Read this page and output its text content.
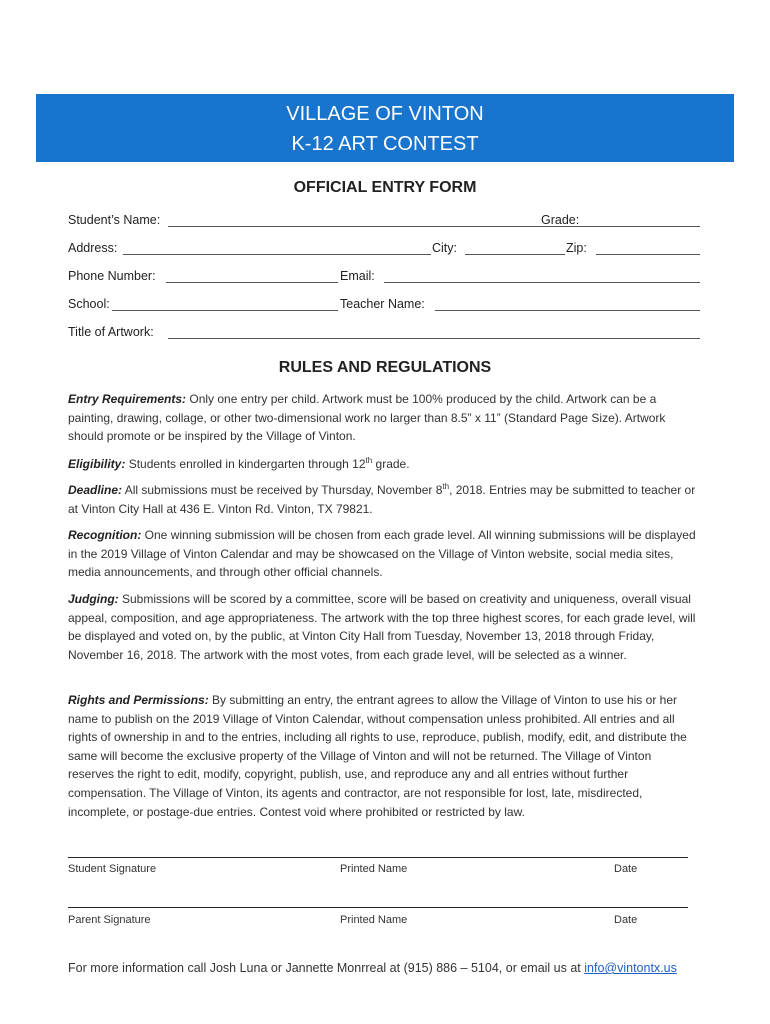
VILLAGE OF VINTON
K-12 ART CONTEST
OFFICIAL ENTRY FORM
Student’s Name:	Grade:
Address:	City:	Zip:
Phone Number:	Email:
School:	Teacher Name:
Title of Artwork:
RULES AND REGULATIONS
Entry Requirements: Only one entry per child. Artwork must be 100% produced by the child. Artwork can be a painting, drawing, collage, or other two-dimensional work no larger than 8.5” x 11” (Standard Page Size). Artwork should promote or be inspired by the Village of Vinton.
Eligibility: Students enrolled in kindergarten through 12th grade.
Deadline: All submissions must be received by Thursday, November 8th, 2018. Entries may be submitted to teacher or at Vinton City Hall at 436 E. Vinton Rd. Vinton, TX 79821.
Recognition: One winning submission will be chosen from each grade level. All winning submissions will be displayed in the 2019 Village of Vinton Calendar and may be showcased on the Village of Vinton website, social media sites, media announcements, and through other official channels.
Judging: Submissions will be scored by a committee, score will be based on creativity and uniqueness, overall visual appeal, composition, and age appropriateness. The artwork with the top three highest scores, for each grade level, will be displayed and voted on, by the public, at Vinton City Hall from Tuesday, November 13, 2018 through Friday, November 16, 2018. The artwork with the most votes, from each grade level, will be selected as a winner.
Rights and Permissions: By submitting an entry, the entrant agrees to allow the Village of Vinton to use his or her name to publish on the 2019 Village of Vinton Calendar, without compensation unless prohibited. All entries and all rights of ownership in and to the entries, including all rights to use, reproduce, publish, modify, edit, and distribute the same will become the exclusive property of the Village of Vinton and will not be returned. The Village of Vinton reserves the right to edit, modify, copyright, publish, use, and reproduce any and all entries without further compensation. The Village of Vinton, its agents and contractor, are not responsible for lost, late, misdirected, incomplete, or postage-due entries. Contest void where prohibited or restricted by law.
Student Signature	Printed Name	Date
Parent Signature	Printed Name	Date
For more information call Josh Luna or Jannette Monrreal at (915) 886 – 5104, or email us at info@vintontx.us
